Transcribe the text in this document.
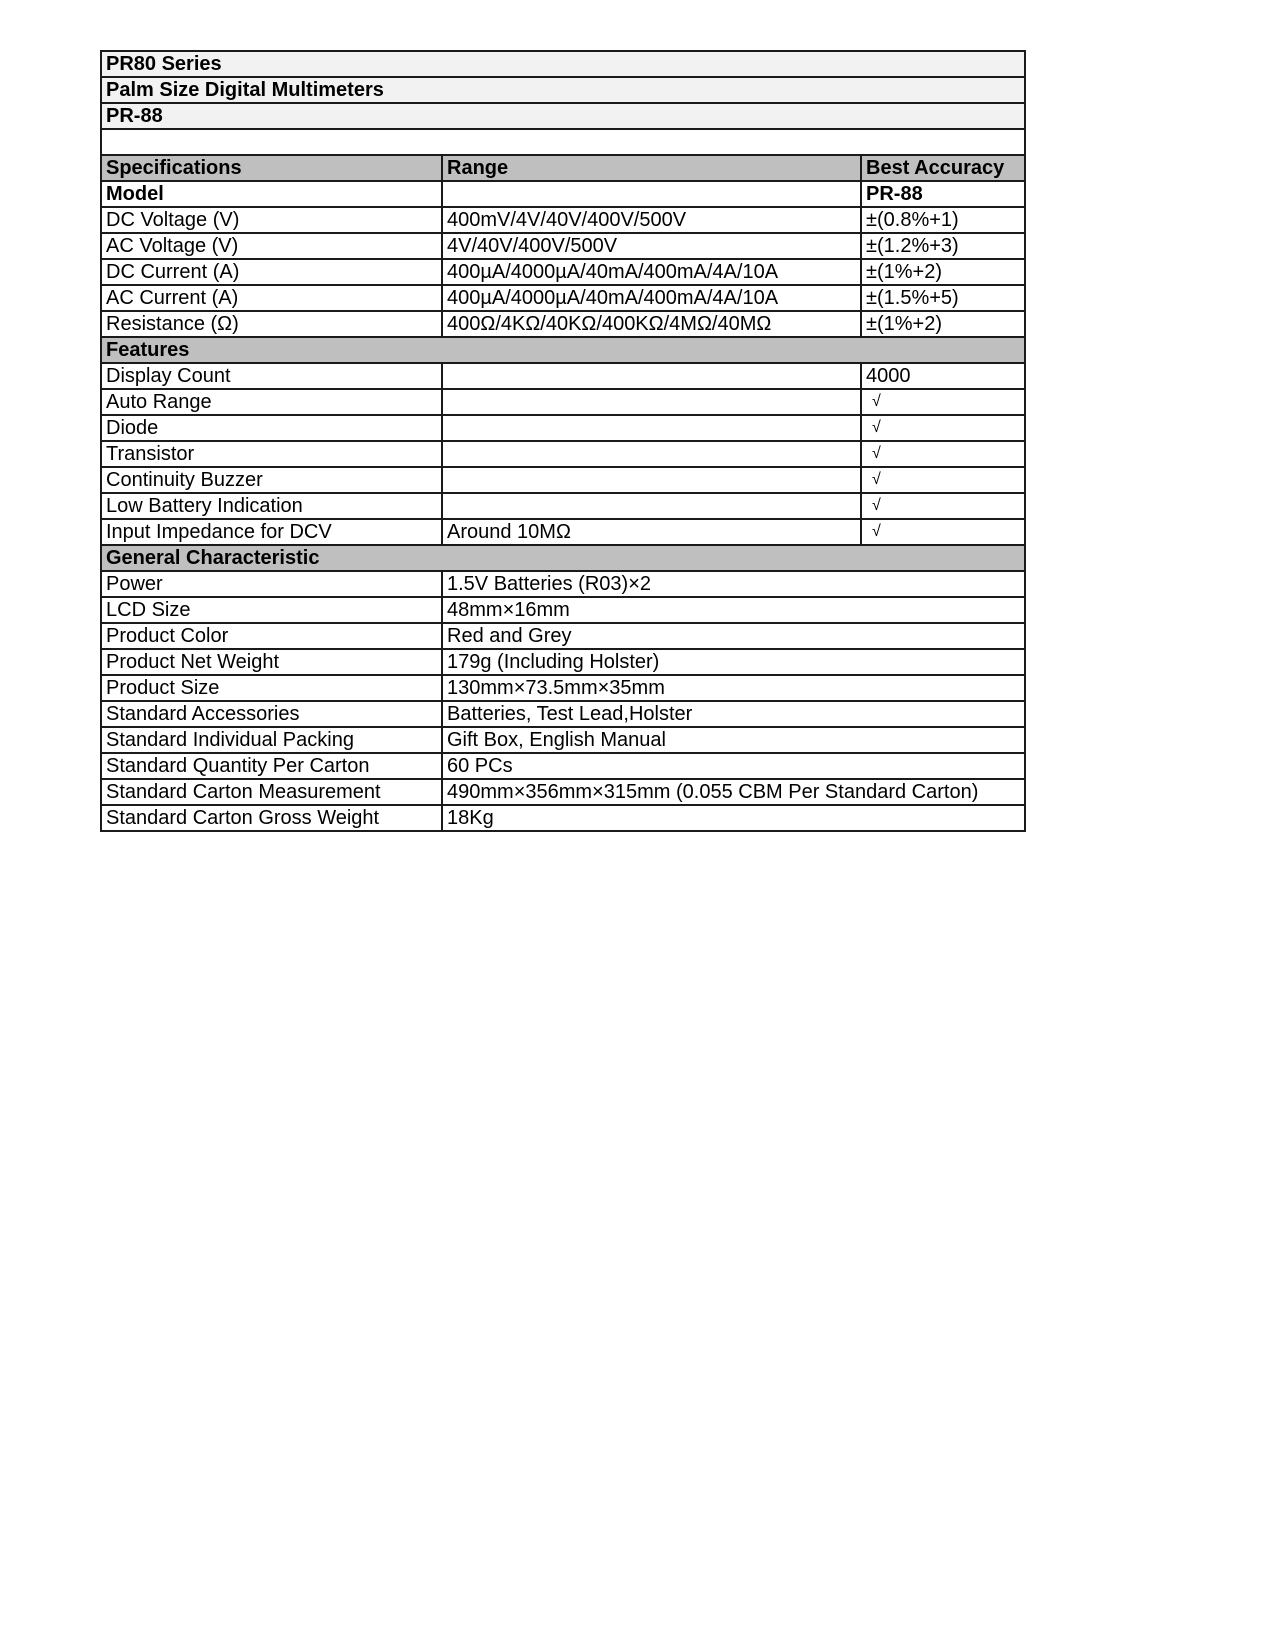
PR80 Series		
Palm Size Digital Multimeters		
PR-88		

Specifications	Range	Best Accuracy
Model		PR-88
DC Voltage (V)	400mV/4V/40V/400V/500V	±(0.8%+1)
AC Voltage (V)	4V/40V/400V/500V	±(1.2%+3)
DC Current (A)	400µA/4000µA/40mA/400mA/4A/10A	±(1%+2)
AC Current (A)	400µA/4000µA/40mA/400mA/4A/10A	±(1.5%+5)
Resistance (Ω)	400Ω/4KΩ/40KΩ/400KΩ/4MΩ/40MΩ	±(1%+2)
Features		
Display Count		4000
Auto Range		√
Diode		√
Transistor		√
Continuity Buzzer		√
Low Battery Indication		√
Input Impedance for DCV	Around 10MΩ	√
General Characteristic		
Power	1.5V Batteries (R03)×2	
LCD Size	48mm×16mm	
Product Color	Red and Grey	
Product Net Weight	179g (Including Holster)	
Product Size	130mm×73.5mm×35mm	
Standard Accessories	Batteries, Test Lead,Holster	
Standard Individual Packing	Gift Box, English Manual	
Standard Quantity Per Carton	60 PCs	
Standard Carton Measurement	490mm×356mm×315mm (0.055 CBM Per Standard Carton)	
Standard Carton Gross Weight	18Kg	
